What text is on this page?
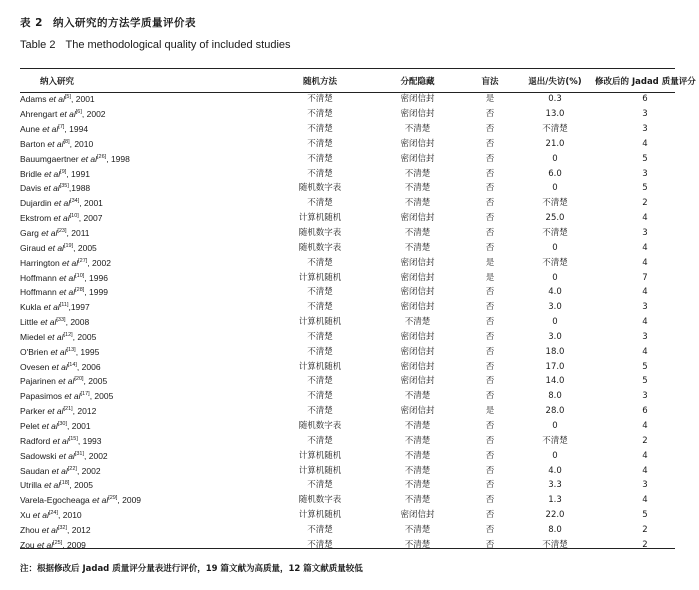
表 2 纳入研究的方法学质量评价表
Table 2 The methodological quality of included studies
纳入研究	随机方法	分配隐藏	盲法	退出/失访(%)	修改后的 Jadad 质量评分
Adams et al[5], 2001	不清楚	密闭信封	是	0.3	6
Ahrengart et al[6], 2002	不清楚	密闭信封	否	13.0	3
Aune et al[7], 1994	不清楚	不清楚	否	不清楚	3
Barton et al[8], 2010	不清楚	密闭信封	否	21.0	4
Bauumgaertner et al[26], 1998	不清楚	密闭信封	否	0	5
Bridle et al[9], 1991	不清楚	不清楚	否	6.0	3
Davis et al[35],1988	随机数字表	不清楚	否	0	5
Dujardin et al[34], 2001	不清楚	不清楚	否	不清楚	2
Ekstrom et al[10], 2007	计算机随机	密闭信封	否	25.0	4
Garg et al[23], 2011	随机数字表	不清楚	否	不清楚	3
Giraud et al[19], 2005	随机数字表	不清楚	否	0	4
Harrington et al[27], 2002	不清楚	密闭信封	是	不清楚	4
Hoffmann et al[10], 1996	计算机随机	密闭信封	是	0	7
Hoffmann et al[28], 1999	不清楚	密闭信封	否	4.0	4
Kukla et al[11],1997	不清楚	密闭信封	否	3.0	3
Little et al[33], 2008	计算机随机	不清楚	否	0	4
Miedel et al[12], 2005	不清楚	密闭信封	否	3.0	3
O'Brien et al[13], 1995	不清楚	密闭信封	否	18.0	4
Ovesen et al[14], 2006	计算机随机	密闭信封	否	17.0	5
Pajarinen et al[20], 2005	不清楚	密闭信封	否	14.0	5
Papasimos et al[17], 2005	不清楚	不清楚	否	8.0	3
Parker et al[21], 2012	不清楚	密闭信封	是	28.0	6
Pelet et al[30], 2001	随机数字表	不清楚	否	0	4
Radford et al[15], 1993	不清楚	不清楚	否	不清楚	2
Sadowski et al[31], 2002	计算机随机	不清楚	否	0	4
Saudan et al[22], 2002	计算机随机	不清楚	否	4.0	4
Utrilla et al[18], 2005	不清楚	不清楚	否	3.3	3
Varela-Egocheaga et al[29], 2009	随机数字表	不清楚	否	1.3	4
Xu et al[24], 2010	计算机随机	密闭信封	否	22.0	5
Zhou et al[32], 2012	不清楚	不清楚	否	8.0	2
Zou et al[25], 2009	不清楚	不清楚	否	不清楚	2
注：根据修改后 Jadad 质量评分量表进行评价，19 篇文献为高质量，12 篇文献质量较低
